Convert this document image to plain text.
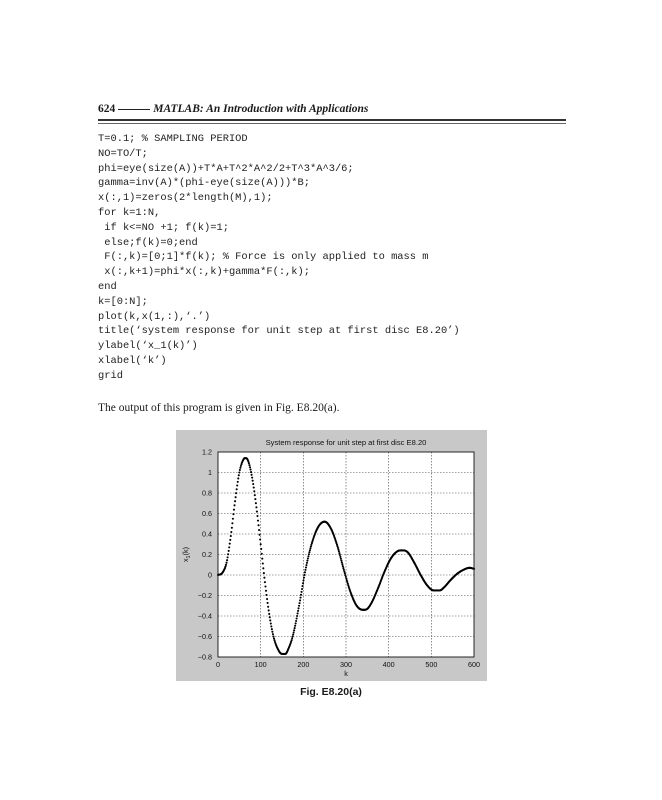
624	MATLAB: An Introduction with Applications
T=0.1; % SAMPLING PERIOD
NO=TO/T;
phi=eye(size(A))+T*A+T^2*A^2/2+T^3*A^3/6;
gamma=inv(A)*(phi-eye(size(A)))*B;
x(:,1)=zeros(2*length(M),1);
for k=1:N,
if k<=NO +1; f(k)=1;
else;f(k)=0;end
F(:,k)=[0;1]*f(k); % Force is only applied to mass m
x(:,k+1)=phi*x(:,k)+gamma*F(:,k);
end
k=[0:N];
plot(k,x(1,:),‘.’)
title(‘system response for unit step at first disc E8.20’)
ylabel(‘x_1(k)’)
xlabel(‘k’)
grid
The output of this program is given in Fig. E8.20(a).
0	100	200	300	400	500	600
−0.8
−0.6
−0.4
−0.2
0
0.2
0.4
0.6
0.8
1
1.2
System response for unit step at first disc E8.20
k
$x_1(k)$
Fig. E8.20(a)
